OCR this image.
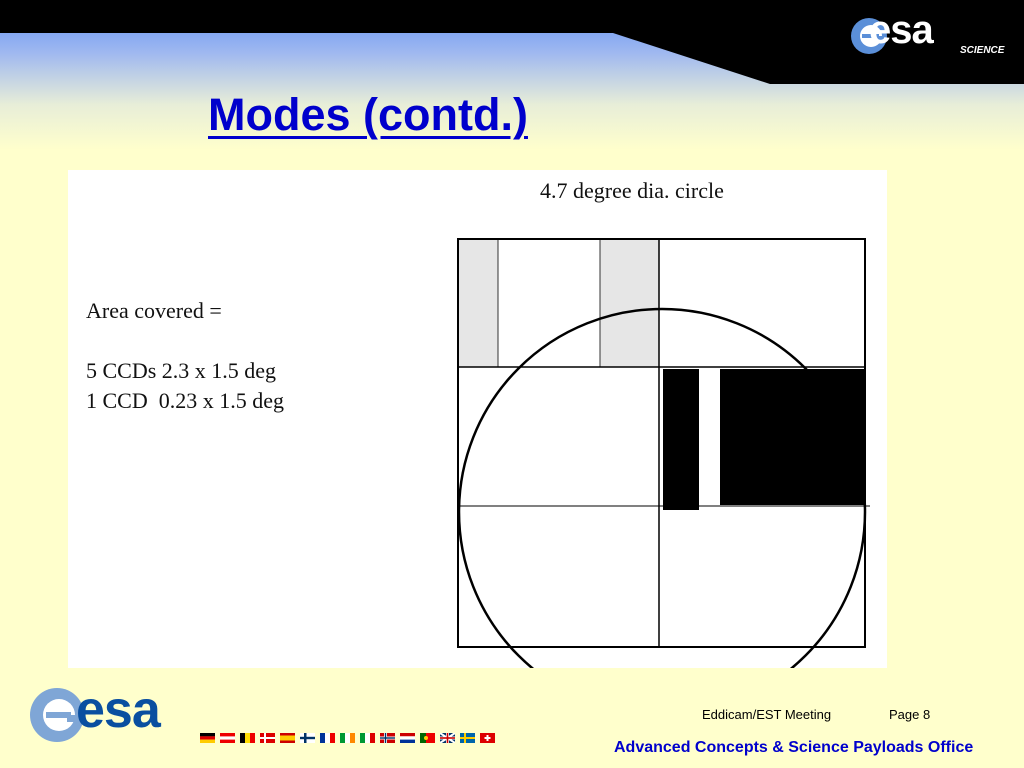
esa	SCIENCE
Modes (contd.)
4.7 degree dia. circle
Area covered =
5 CCDs 2.3 x 1.5 deg
1 CCD  0.23 x 1.5 deg
esa	Eddicam/EST Meeting	Page 8
Advanced Concepts & Science Payloads Office
